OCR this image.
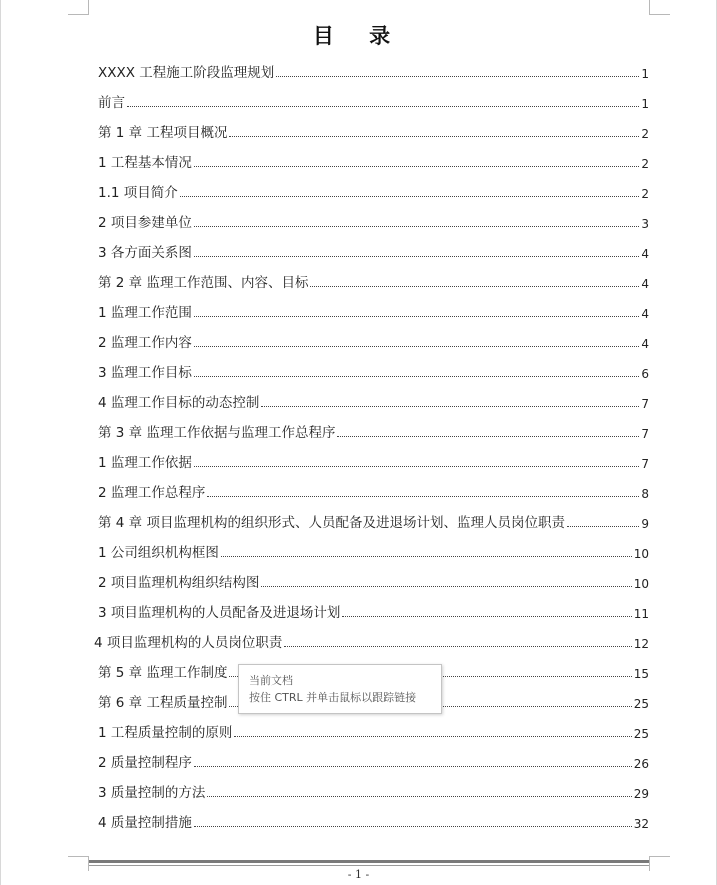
目 录
XXXX 工程施工阶段监理规划	1
前言	1
第 1 章 工程项目概况	2
1 工程基本情况	2
1.1 项目简介	2
2 项目参建单位	3
3 各方面关系图	4
第 2 章 监理工作范围、内容、目标	4
1 监理工作范围	4
2 监理工作内容	4
3 监理工作目标	6
4 监理工作目标的动态控制	7
第 3 章 监理工作依据与监理工作总程序	7
1 监理工作依据	7
2 监理工作总程序	8
第 4 章 项目监理机构的组织形式、人员配备及进退场计划、监理人员岗位职责	9
1 公司组织机构框图	10
2 项目监理机构组织结构图	10
3 项目监理机构的人员配备及进退场计划	11
4 项目监理机构的人员岗位职责	12
第 5 章 监理工作制度	15
第 6 章 工程质量控制	25
1 工程质量控制的原则	25
2 质量控制程序	26
3 质量控制的方法	29
4 质量控制措施	32
当前文档
按住 CTRL 并单击鼠标以跟踪链接
- 1 -
